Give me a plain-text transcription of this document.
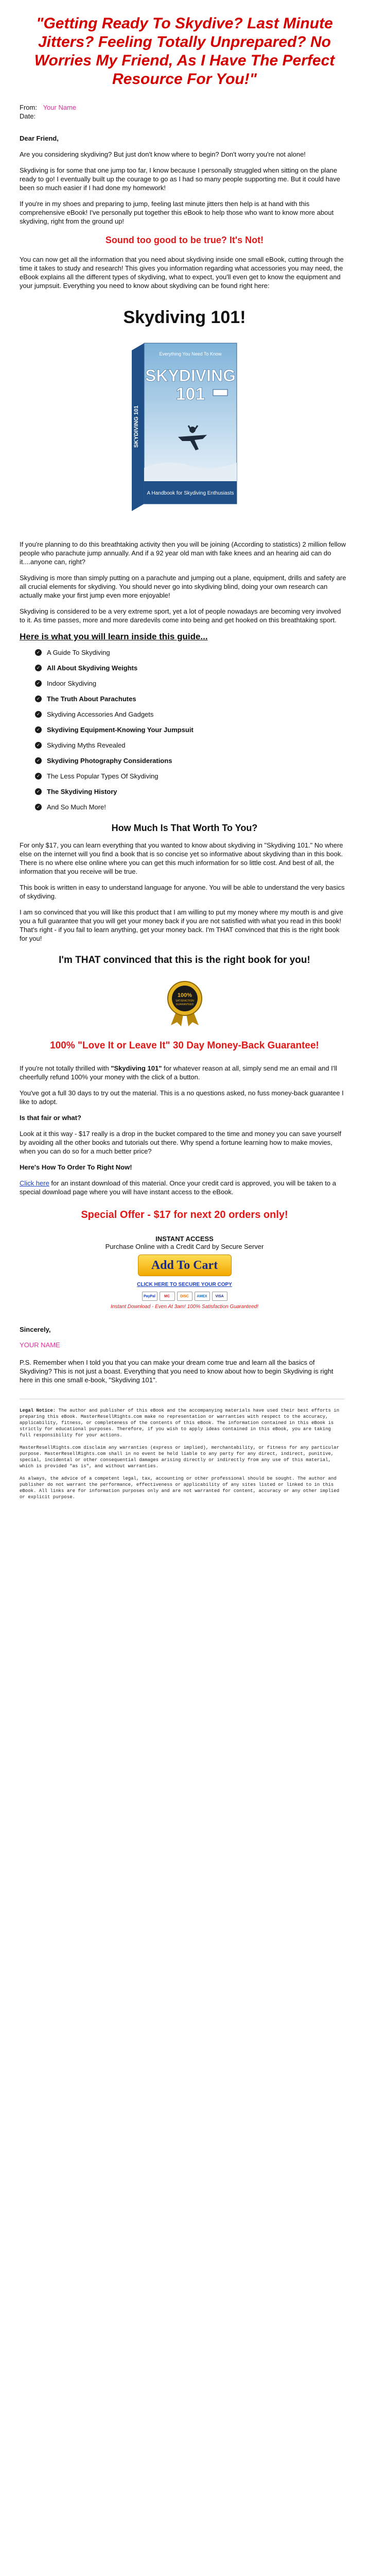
"Getting Ready To Skydive? Last Minute Jitters? Feeling Totally Unprepared? No Worries My Friend, As I Have The Perfect Resource For You!"
From: Your Name
Date:
Dear Friend,
Are you considering skydiving? But just don't know where to begin? Don't worry you're not alone!
Skydiving is for some that one jump too far, I know because I personally struggled when sitting on the plane ready to go! I eventually built up the courage to go as I had so many people supporting me. But it could have been so much easier if I had done my homework!
If you're in my shoes and preparing to jump, feeling last minute jitters then help is at hand with this comprehensive eBook! I've personally put together this eBook to help those who want to know more about skydiving, right from the ground up!
Sound too good to be true? It's Not!
You can now get all the information that you need about skydiving inside one small eBook, cutting through the time it takes to study and research! This gives you information regarding what accessories you may need, the eBook explains all the different types of skydiving, what to expect, you'll even get to know the equipment and your jumpsuit. Everything you need to know about skydiving can be found right here:
Skydiving 101!
Everything You Need To Know
SKYDIVING
101
A Handbook for Skydiving Enthusiasts
SKYDIVING 101
If you're planning to do this breathtaking activity then you will be joining (According to statistics) 2 million fellow people who parachute jump annually. And if a 92 year old man with fake knees and an hearing aid can do it....anyone can, right?
Skydiving is more than simply putting on a parachute and jumping out a plane, equipment, drills and safety are all crucial elements for skydiving. You should never go into skydiving blind, doing your own research can actually make your first jump even more enjoyable!
Skydiving is considered to be a very extreme sport, yet a lot of people nowadays are becoming very involved to it. As time passes, more and more daredevils come into being and get hooked on this breathtaking sport.
Here is what you will learn inside this guide...
✓ A Guide To Skydiving
✓ All About Skydiving Weights
✓ Indoor Skydiving
✓ The Truth About Parachutes
✓ Skydiving Accessories And Gadgets
✓ Skydiving Equipment-Knowing Your Jumpsuit
✓ Skydiving Myths Revealed
✓ Skydiving Photography Considerations
✓ The Less Popular Types Of Skydiving
✓ The Skydiving History
✓ And So Much More!
How Much Is That Worth To You?
For only $17, you can learn everything that you wanted to know about skydiving in "Skydiving 101." No where else on the internet will you find a book that is so concise yet so informative about skydiving than in this book. There is no where else online where you can get this much information for so little cost. And best of all, the information that you receive will be true.
This book is written in easy to understand language for anyone. You will be able to understand the very basics of skydiving.
I am so convinced that you will like this product that I am willing to put my money where my mouth is and give you a full guarantee that you will get your money back if you are not satisfied with what you read in this book! That's right - if you fail to learn anything, get your money back. I'm THAT convinced that this is the right book for you!
I'm THAT convinced that this is the right book for you!
100%
SATISFACTION
GUARANTEED
100% "Love It or Leave It" 30 Day Money-Back Guarantee!
If you're not totally thrilled with "Skydiving 101" for whatever reason at all, simply send me an email and I'll cheerfully refund 100% your money with the click of a button.
You've got a full 30 days to try out the material. This is a no questions asked, no fuss money-back guarantee I like to adopt.
Is that fair or what?
Look at it this way - $17 really is a drop in the bucket compared to the time and money you can save yourself by avoiding all the other books and tutorials out there. Why spend a fortune learning how to make movies, when you can do so for a much better price?
Here's How To Order To Right Now!
Click here for an instant download of this material. Once your credit card is approved, you will be taken to a special download page where you will have instant access to the eBook.
Special Offer - $17 for next 20 orders only!
INSTANT ACCESS
Purchase Online with a Credit Card by Secure Server
Add To Cart
CLICK HERE TO SECURE YOUR COPY
PayPal	MC	DISC	AMEX	VISA
Instant Download - Even At 3am! 100% Satisfaction Guaranteed!
Sincerely,
YOUR NAME
P.S. Remember when I told you that you can make your dream come true and learn all the basics of Skydiving? This is not just a boast. Everything that you need to know about how to begin Skydiving is right here in this one small e-book, "Skydiving 101".
Legal Notice: The author and publisher of this eBook and the accompanying materials have used their best efforts in preparing this eBook. MasterResellRights.com make no representation or warranties with respect to the accuracy, applicability, fitness, or completeness of the contents of this eBook. The information contained in this eBook is strictly for educational purposes. Therefore, if you wish to apply ideas contained in this eBook, you are taking full responsibility for your actions.
MasterResellRights.com disclaim any warranties (express or implied), merchantability, or fitness for any particular purpose. MasterResellRights.com shall in no event be held liable to any party for any direct, indirect, punitive, special, incidental or other consequential damages arising directly or indirectly from any use of this material, which is provided "as is", and without warranties.
As always, the advice of a competent legal, tax, accounting or other professional should be sought. The author and publisher do not warrant the performance, effectiveness or applicability of any sites listed or linked to in this eBook. All links are for information purposes only and are not warranted for content, accuracy or any other implied or explicit purpose.
